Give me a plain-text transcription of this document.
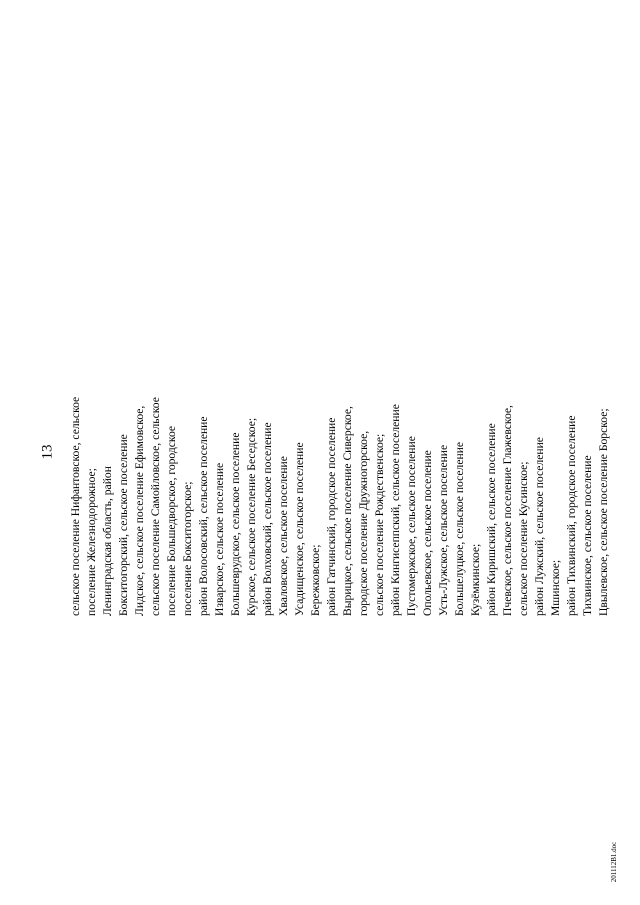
13 сельское поселение Нифантовское, сельское поселение Железнодорожное; Ленинградская область, район Бокситогорский, сельское поселение Лидское, сельское поселение Ефимовское, сельское поселение Самойловское, сельское поселение Большедворское, городское поселение Бокситогорское; район Волосовский, сельское поселение Изварское, сельское поселение Большеврудское, сельское поселение Курское, сельское поселение Беседское; район Волховский, сельское поселение Хваловское, сельское поселение Усадищенское, сельское поселение Бережковское; район Гатчинский, городское поселение Вырицкое, сельское поселение Сиверское, городское поселение Дружногорское, сельское поселение Рождественское; район Кингисеппский, сельское поселение Пустомержское, сельское поселение Опольевское, сельское поселение Усть-Лужское, сельское поселение Большелуцкое, сельское поселение Кузёмкинское; район Киришский, сельское поселение Пчевское, сельское поселение Глажевское, сельское поселение Кусинское; район Лужский, сельское поселение Мшинское; район Тихвинский, городское поселение Тихвинское, сельское поселение Цвылевское, сельское поселение Борское;
201112B1.doc
